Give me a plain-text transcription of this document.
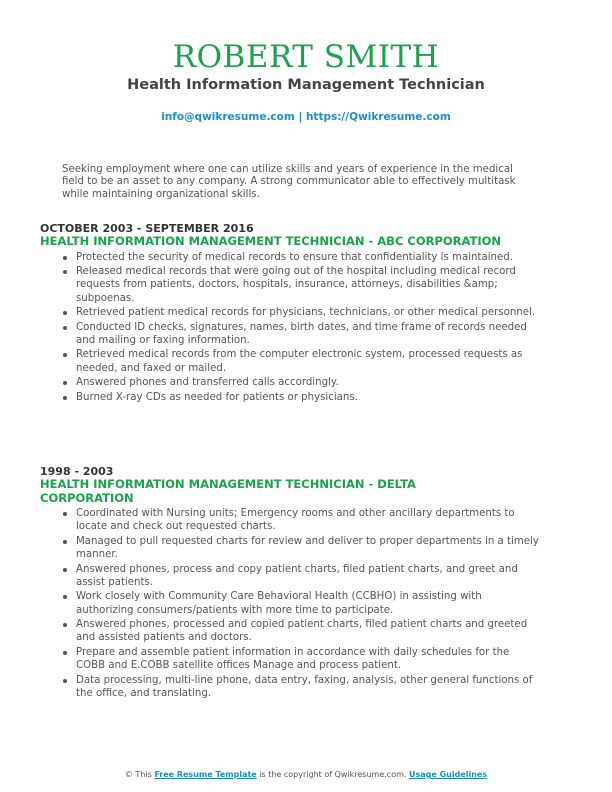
ROBERT SMITH
Health Information Management Technician
info@qwikresume.com | https://Qwikresume.com
Seeking employment where one can utilize skills and years of experience in the medical field to be an asset to any company. A strong communicator able to effectively multitask while maintaining organizational skills.
OCTOBER 2003 - SEPTEMBER 2016
HEALTH INFORMATION MANAGEMENT TECHNICIAN - ABC CORPORATION
Protected the security of medical records to ensure that confidentiality is maintained.
Released medical records that were going out of the hospital including medical record requests from patients, doctors, hospitals, insurance, attorneys, disabilities &amp; subpoenas.
Retrieved patient medical records for physicians, technicians, or other medical personnel.
Conducted ID checks, signatures, names, birth dates, and time frame of records needed and mailing or faxing information.
Retrieved medical records from the computer electronic system, processed requests as needed, and faxed or mailed.
Answered phones and transferred calls accordingly.
Burned X-ray CDs as needed for patients or physicians.
1998 - 2003
HEALTH INFORMATION MANAGEMENT TECHNICIAN - DELTA CORPORATION
Coordinated with Nursing units; Emergency rooms and other ancillary departments to locate and check out requested charts.
Managed to pull requested charts for review and deliver to proper departments in a timely manner.
Answered phones, process and copy patient charts, filed patient charts, and greet and assist patients.
Work closely with Community Care Behavioral Health (CCBHO) in assisting with authorizing consumers/patients with more time to participate.
Answered phones, processed and copied patient charts, filed patient charts and greeted and assisted patients and doctors.
Prepare and assemble patient information in accordance with daily schedules for the COBB and E.COBB satellite offices Manage and process patient.
Data processing, multi-line phone, data entry, faxing, analysis, other general functions of the office, and translating.
© This Free Resume Template is the copyright of Qwikresume.com. Usage Guidelines
